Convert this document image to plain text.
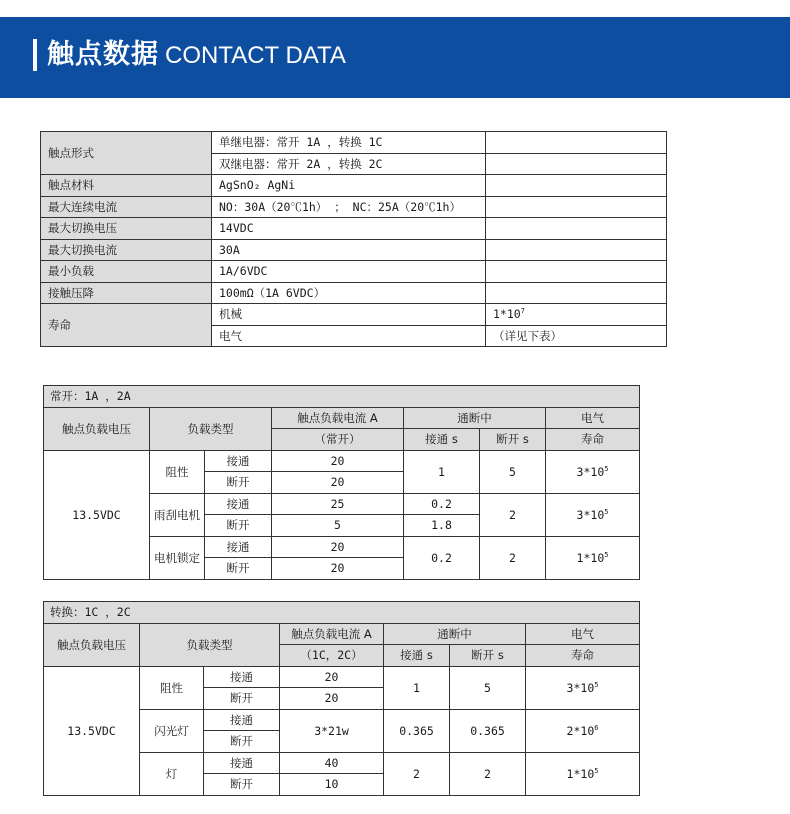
触点数据 CONTACT DATA
触点形式	单继电器：常开 1A ，转换 1C	
	双继电器：常开 2A ，转换 2C	
触点材料	AgSnO₂ AgNi	
最大连续电流	NO：30A（20℃1h） ； NC：25A（20℃1h）	
最大切换电压	14VDC	
最大切换电流	30A	
最小负载	1A/6VDC	
接触压降	100mΩ（1A 6VDC）	
寿命	机械	$1*10^7$
	电气	（详见下表）
常开：1A ，2A						
触点负载电压	负载类型		触点负载电流 A	通断中		电气
			（常开）	接通 s	断开 s	寿命
13.5VDC	阻性	接通	20	1	5	$3*10^5$
		断开	20			
	雨刮电机	接通	25	0.2	2	$3*10^5$
		断开	5	1.8		
	电机锁定	接通	20	0.2	2	$1*10^5$
		断开	20			
转换：1C ，2C						
触点负载电压	负载类型		触点负载电流 A	通断中		电气
			（1C，2C）	接通 s	断开 s	寿命
13.5VDC	阻性	接通	20	1	5	$3*10^5$
		断开	20			
	闪光灯	接通	3*21w	0.365	0.365	$2*10^6$
		断开				
	灯	接通	40	2	2	$1*10^5$
		断开	10			
